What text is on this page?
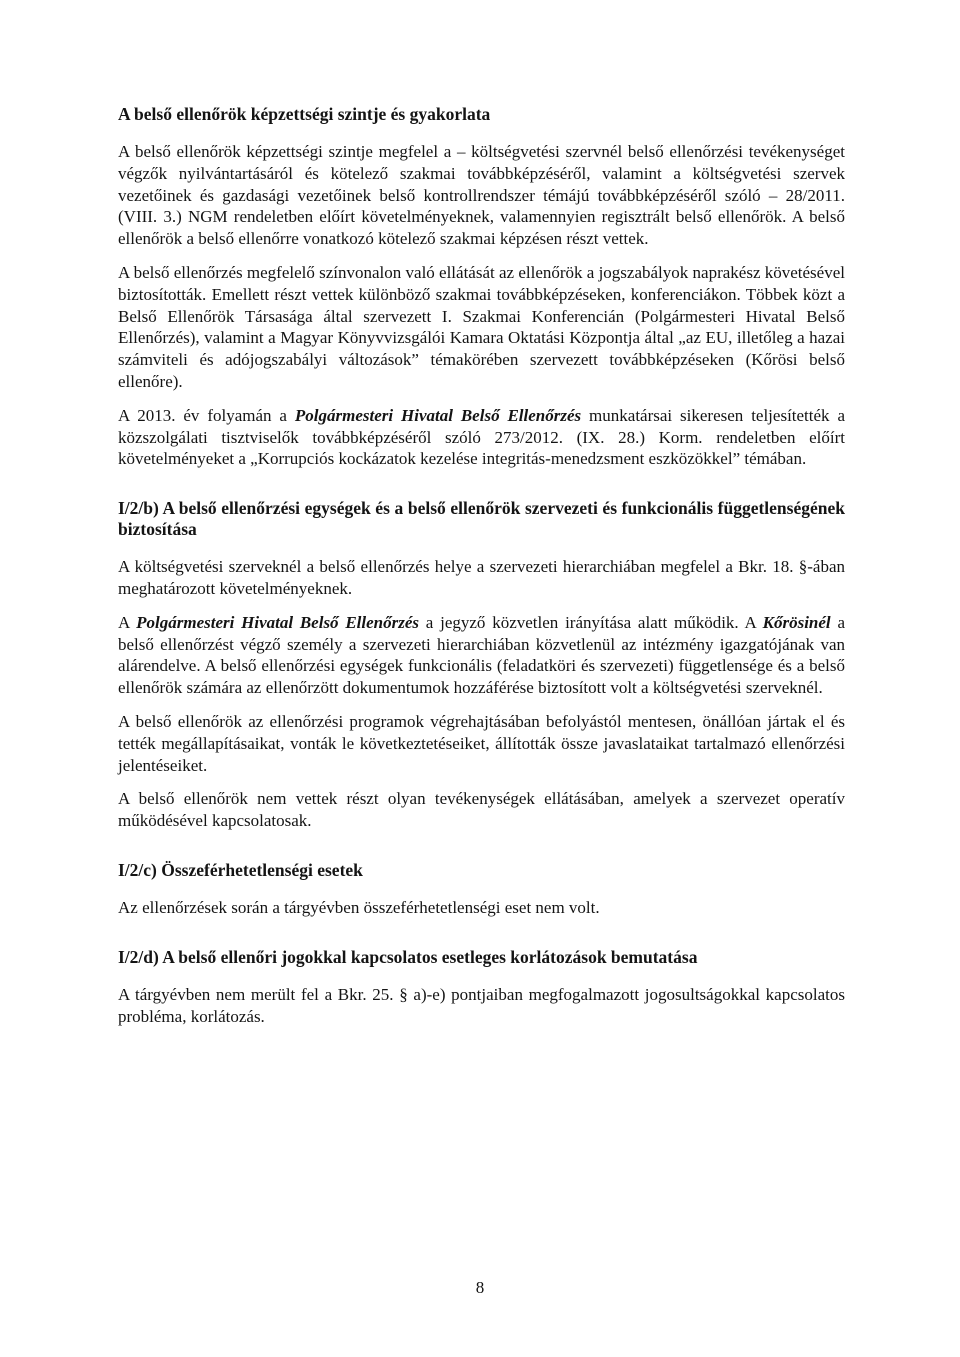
A belső ellenőrök képzettségi szintje és gyakorlata

A belső ellenőrök képzettségi szintje megfelel a – költségvetési szervnél belső ellenőrzési tevékenységet végzők nyilvántartásáról és kötelező szakmai továbbképzéséről, valamint a költségvetési szervek vezetőinek és gazdasági vezetőinek belső kontrollrendszer témájú továbbképzéséről szóló – 28/2011. (VIII. 3.) NGM rendeletben előírt követelményeknek, valamennyien regisztrált belső ellenőrök. A belső ellenőrök a belső ellenőrre vonatkozó kötelező szakmai képzésen részt vettek.

A belső ellenőrzés megfelelő színvonalon való ellátását az ellenőrök a jogszabályok naprakész követésével biztosították. Emellett részt vettek különböző szakmai továbbképzéseken, konferenciákon. Többek közt a Belső Ellenőrök Társasága által szervezett I. Szakmai Konferencián (Polgármesteri Hivatal Belső Ellenőrzés), valamint a Magyar Könyvvizsgálói Kamara Oktatási Központja által „az EU, illetőleg a hazai számviteli és adójogszabályi változások” témakörében szervezett továbbképzéseken (Kőrösi belső ellenőre).

A 2013. év folyamán a Polgármesteri Hivatal Belső Ellenőrzés munkatársai sikeresen teljesítették a közszolgálati tisztviselők továbbképzéséről szóló 273/2012. (IX. 28.) Korm. rendeletben előírt követelményeket a „Korrupciós kockázatok kezelése integritás-menedzsment eszközökkel” témában.

I/2/b) A belső ellenőrzési egységek és a belső ellenőrök szervezeti és funkcionális függetlenségének biztosítása

A költségvetési szerveknél a belső ellenőrzés helye a szervezeti hierarchiában megfelel a Bkr. 18. §-ában meghatározott követelményeknek.

A Polgármesteri Hivatal Belső Ellenőrzés a jegyző közvetlen irányítása alatt működik. A Kőrösinél a belső ellenőrzést végző személy a szervezeti hierarchiában közvetlenül az intézmény igazgatójának van alárendelve. A belső ellenőrzési egységek funkcionális (feladatköri és szervezeti) függetlensége és a belső ellenőrök számára az ellenőrzött dokumentumok hozzáférése biztosított volt a költségvetési szerveknél.

A belső ellenőrök az ellenőrzési programok végrehajtásában befolyástól mentesen, önállóan jártak el és tették megállapításaikat, vonták le következtetéseiket, állították össze javaslataikat tartalmazó ellenőrzési jelentéseiket.

A belső ellenőrök nem vettek részt olyan tevékenységek ellátásában, amelyek a szervezet operatív működésével kapcsolatosak.

I/2/c) Összeférhetetlenségi esetek

Az ellenőrzések során a tárgyévben összeférhetetlenségi eset nem volt.

I/2/d) A belső ellenőri jogokkal kapcsolatos esetleges korlátozások bemutatása

A tárgyévben nem merült fel a Bkr. 25. § a)-e) pontjaiban megfogalmazott jogosultságokkal kapcsolatos probléma, korlátozás.

8
